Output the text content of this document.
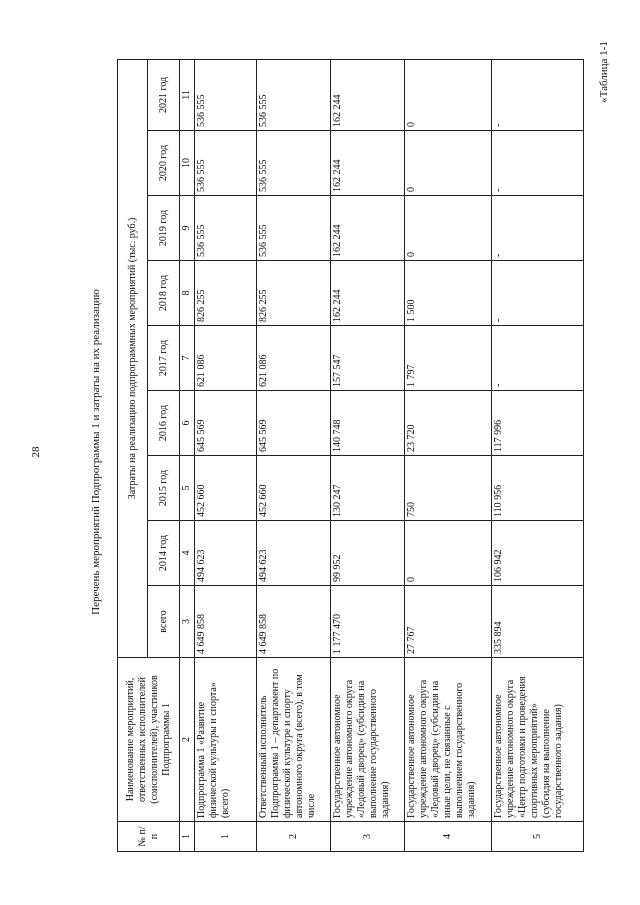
28	Перечень мероприятий Подпрограммы 1 и затраты на их реализацию
«Таблица 1-1
№ п/п	Наименование мероприятий, ответственных исполнителей (соисполнителей), участников Подпрограммы 1	Затраты на реализацию подпрограммных мероприятий (тыс. руб.)								
		всего	2014 год	2015 год	2016 год	2017 год	2018 год	2019 год	2020 год	2021 год
1	2	3	4	5	6	7	8	9	10	11
1	Подпрограмма 1 «Развитие физической культуры и спорта» (всего)	4 649 858	494 623	452 660	645 569	621 086	826 255	536 555	536 555	536 555
2	Ответственный исполнитель Подпрограммы 1 – департамент по физической культуре и спорту автономного округа (всего), в том числе	4 649 858	494 623	452 660	645 569	621 086	826 255	536 555	536 555	536 555
3	Государственное автономное учреждение автономного округа «Ледовый дворец» (субсидия на выполнение государственного задания)	1 177 470	99 952	130 247	140 748	157 547	162 244	162 244	162 244	162 244
4	Государственное автономное учреждение автономного округа «Ледовый дворец» (субсидия на иные цели, не связанные с выполнением государственного задания)	27 767	0	750	23 720	1 797	1 500	0	0	0
5	Государственное автономное учреждение автономного округа «Центр подготовки и проведения спортивных мероприятий» (субсидия на выполнение государственного задания)	335 894	106 942	110 956	117 996	-	-	-	-	-
